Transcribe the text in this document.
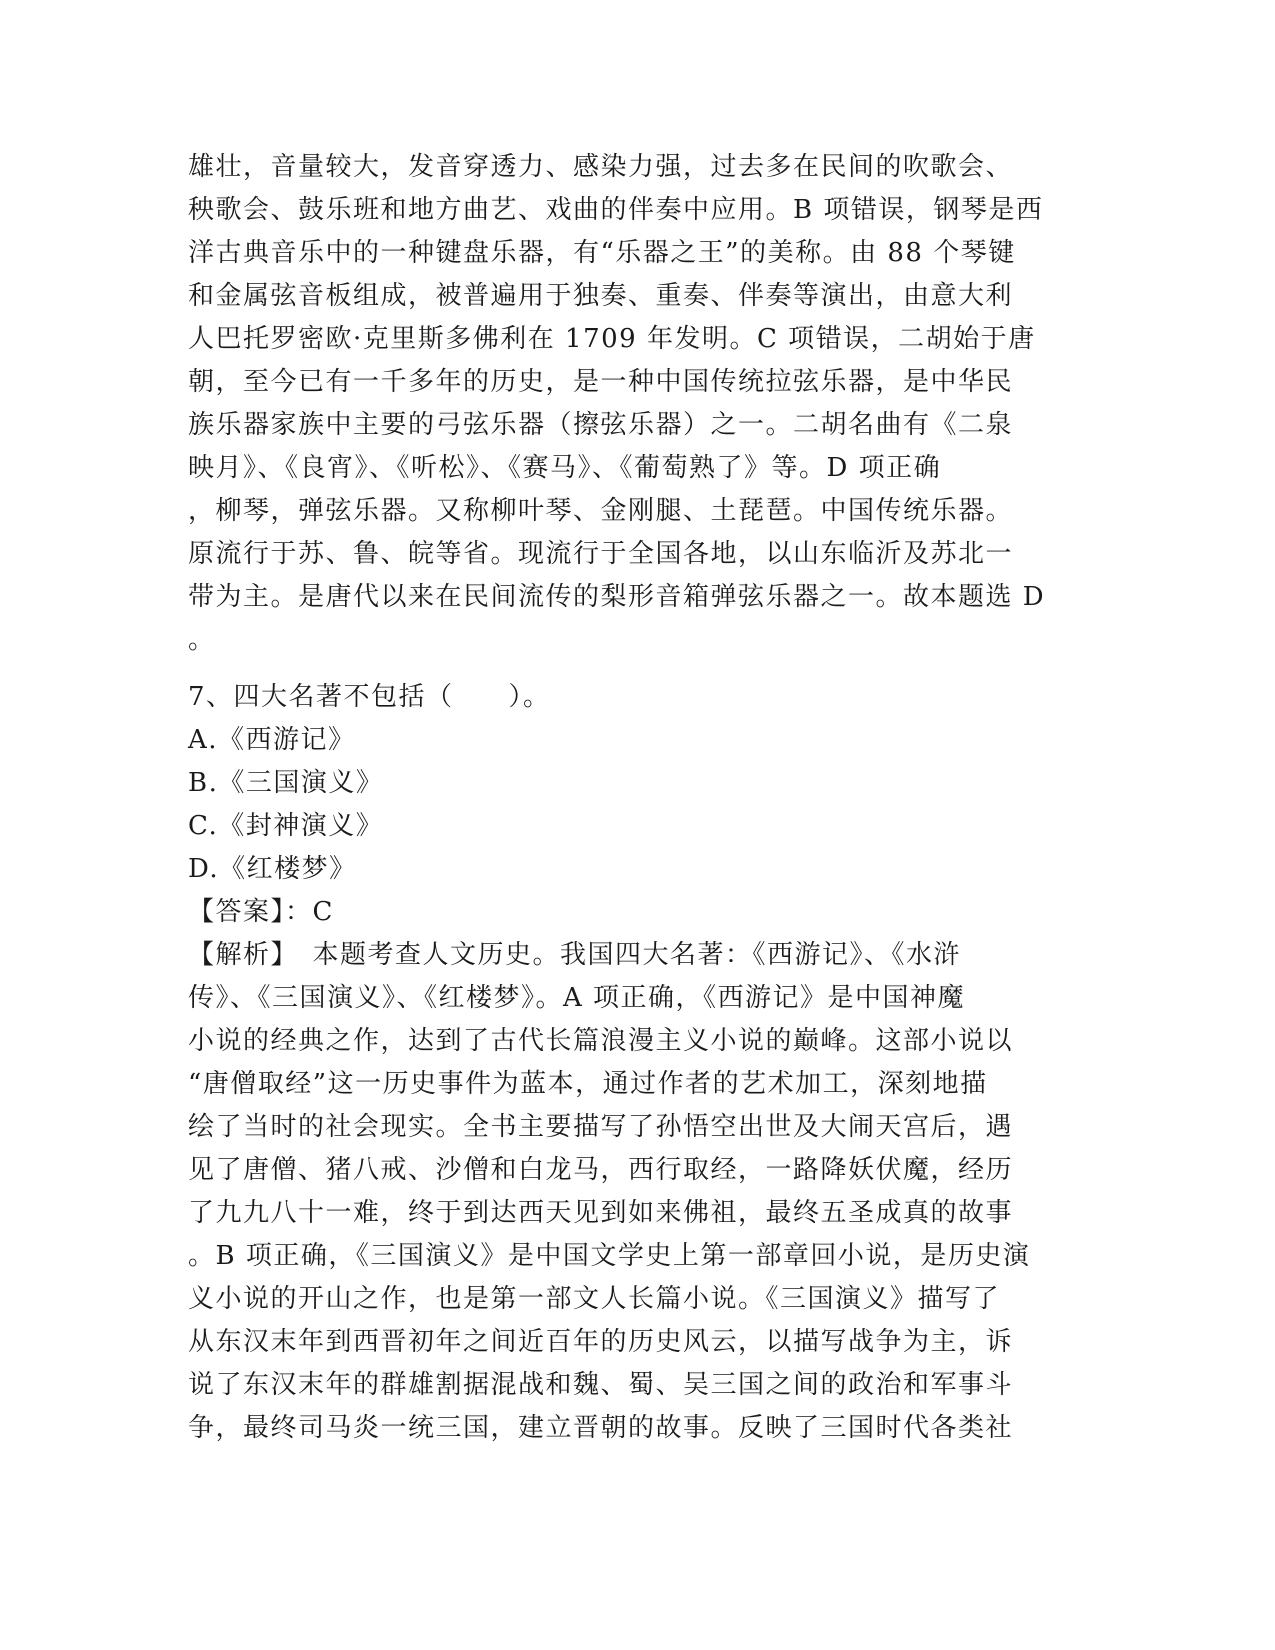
雄壮，音量较大，发音穿透力、感染力强，过去多在民间的吹歌会、
秧歌会、鼓乐班和地方曲艺、戏曲的伴奏中应用。B 项错误，钢琴是西
洋古典音乐中的一种键盘乐器，有“乐器之王”的美称。由 88 个琴键
和金属弦音板组成，被普遍用于独奏、重奏、伴奏等演出，由意大利
人巴托罗密欧·克里斯多佛利在 1709 年发明。C 项错误，二胡始于唐
朝，至今已有一千多年的历史，是一种中国传统拉弦乐器，是中华民
族乐器家族中主要的弓弦乐器（擦弦乐器）之一。二胡名曲有《二泉
映月》、《良宵》、《听松》、《赛马》、《葡萄熟了》等。D 项正确
，柳琴，弹弦乐器。又称柳叶琴、金刚腿、土琵琶。中国传统乐器。
原流行于苏、鲁、皖等省。现流行于全国各地，以山东临沂及苏北一
带为主。是唐代以来在民间流传的梨形音箱弹弦乐器之一。故本题选 D
。
7、四大名著不包括（　　）。
A.《西游记》
B.《三国演义》
C.《封神演义》
D.《红楼梦》
【答案】：C
【解析】　本题考查人文历史。我国四大名著：《西游记》、《水浒
传》、《三国演义》、《红楼梦》。A 项正确，《西游记》是中国神魔
小说的经典之作，达到了古代长篇浪漫主义小说的巅峰。这部小说以
“唐僧取经”这一历史事件为蓝本，通过作者的艺术加工，深刻地描
绘了当时的社会现实。全书主要描写了孙悟空出世及大闹天宫后，遇
见了唐僧、猪八戒、沙僧和白龙马，西行取经，一路降妖伏魔，经历
了九九八十一难，终于到达西天见到如来佛祖，最终五圣成真的故事
。B 项正确，《三国演义》是中国文学史上第一部章回小说，是历史演
义小说的开山之作，也是第一部文人长篇小说。《三国演义》描写了
从东汉末年到西晋初年之间近百年的历史风云，以描写战争为主，诉
说了东汉末年的群雄割据混战和魏、蜀、吴三国之间的政治和军事斗
争，最终司马炎一统三国，建立晋朝的故事。反映了三国时代各类社
